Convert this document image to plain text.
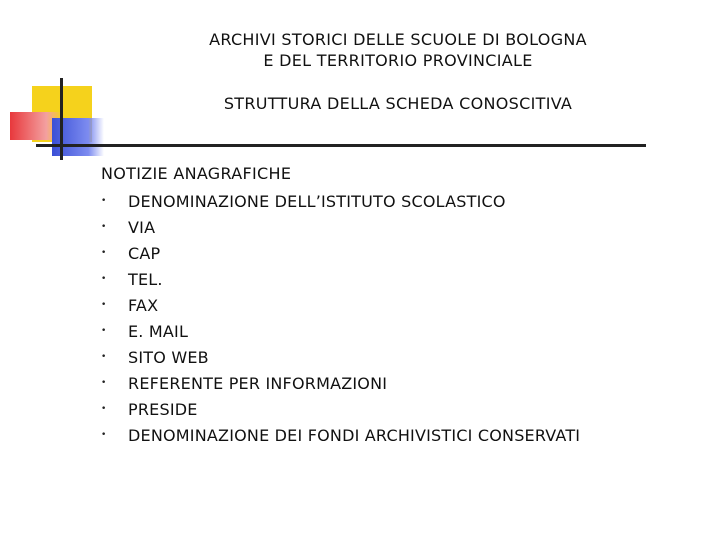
ARCHIVI STORICI DELLE SCUOLE DI BOLOGNA
E DEL TERRITORIO PROVINCIALE
STRUTTURA DELLA SCHEDA CONOSCITIVA
NOTIZIE ANAGRAFICHE
•	DENOMINAZIONE DELL’ISTITUTO SCOLASTICO
•	VIA
•	CAP
•	TEL.
•	FAX
•	E. MAIL
•	SITO WEB
•	REFERENTE PER INFORMAZIONI
•	PRESIDE
•	DENOMINAZIONE DEI FONDI ARCHIVISTICI CONSERVATI
